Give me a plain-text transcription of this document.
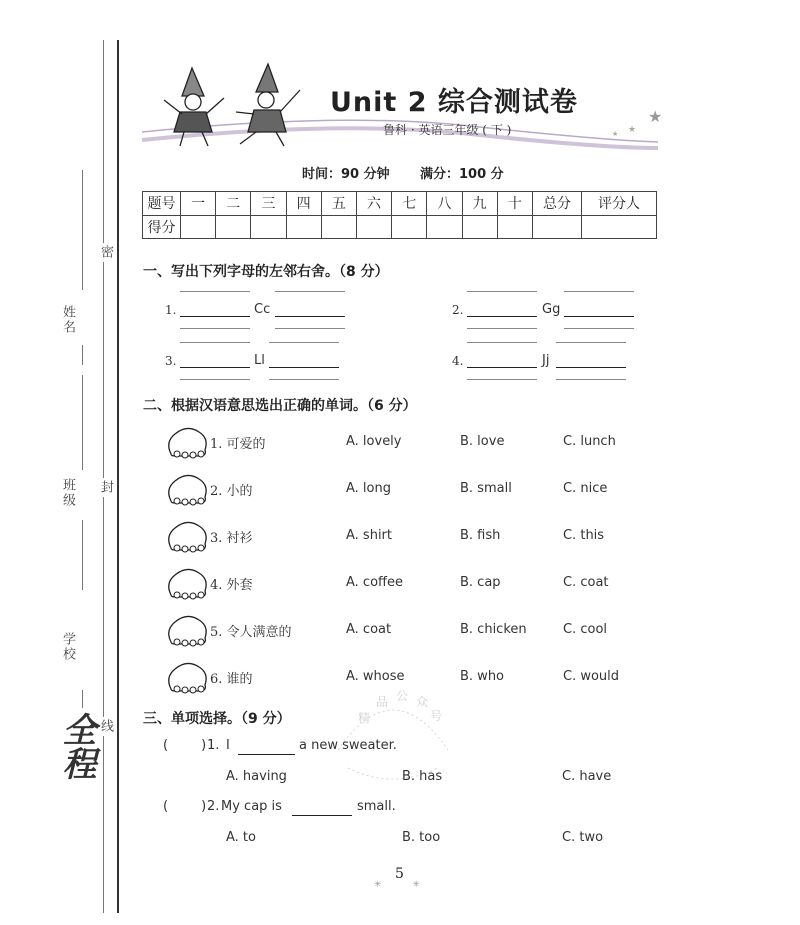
姓名
班级
学校
密
封
线
全程
★
★
★
Unit 2 综合测试卷
鲁科 · 英语三年级 ( 下 )
时间：90 分钟 满分：100 分
题号	一	二	三	四	五	六	七	八	九	十	总分	评分人
得分												
一、写出下列字母的左邻右舍。（8 分）
1.	Cc	2.	Gg
3.	Ll	4.	Jj
二、根据汉语意思选出正确的单词。（6 分）
1. 可爱的	A. lovely	B. love	C. lunch
2. 小的	A. long	B. small	C. nice
3. 衬衫	A. shirt	B. fish	C. this
4. 外套	A. coffee	B. cap	C. coat
5. 令人满意的	A. coat	B. chicken	C. cool
6. 谁的	A. whose	B. who	C. would
三、单项选择。（9 分）
(        ) 1. I	a new sweater.
A. having	B. has	C. have
(        ) 2. My cap is	small.
A. to	B. too	C. two
精
品 公 众
号
5
✳ ✳
